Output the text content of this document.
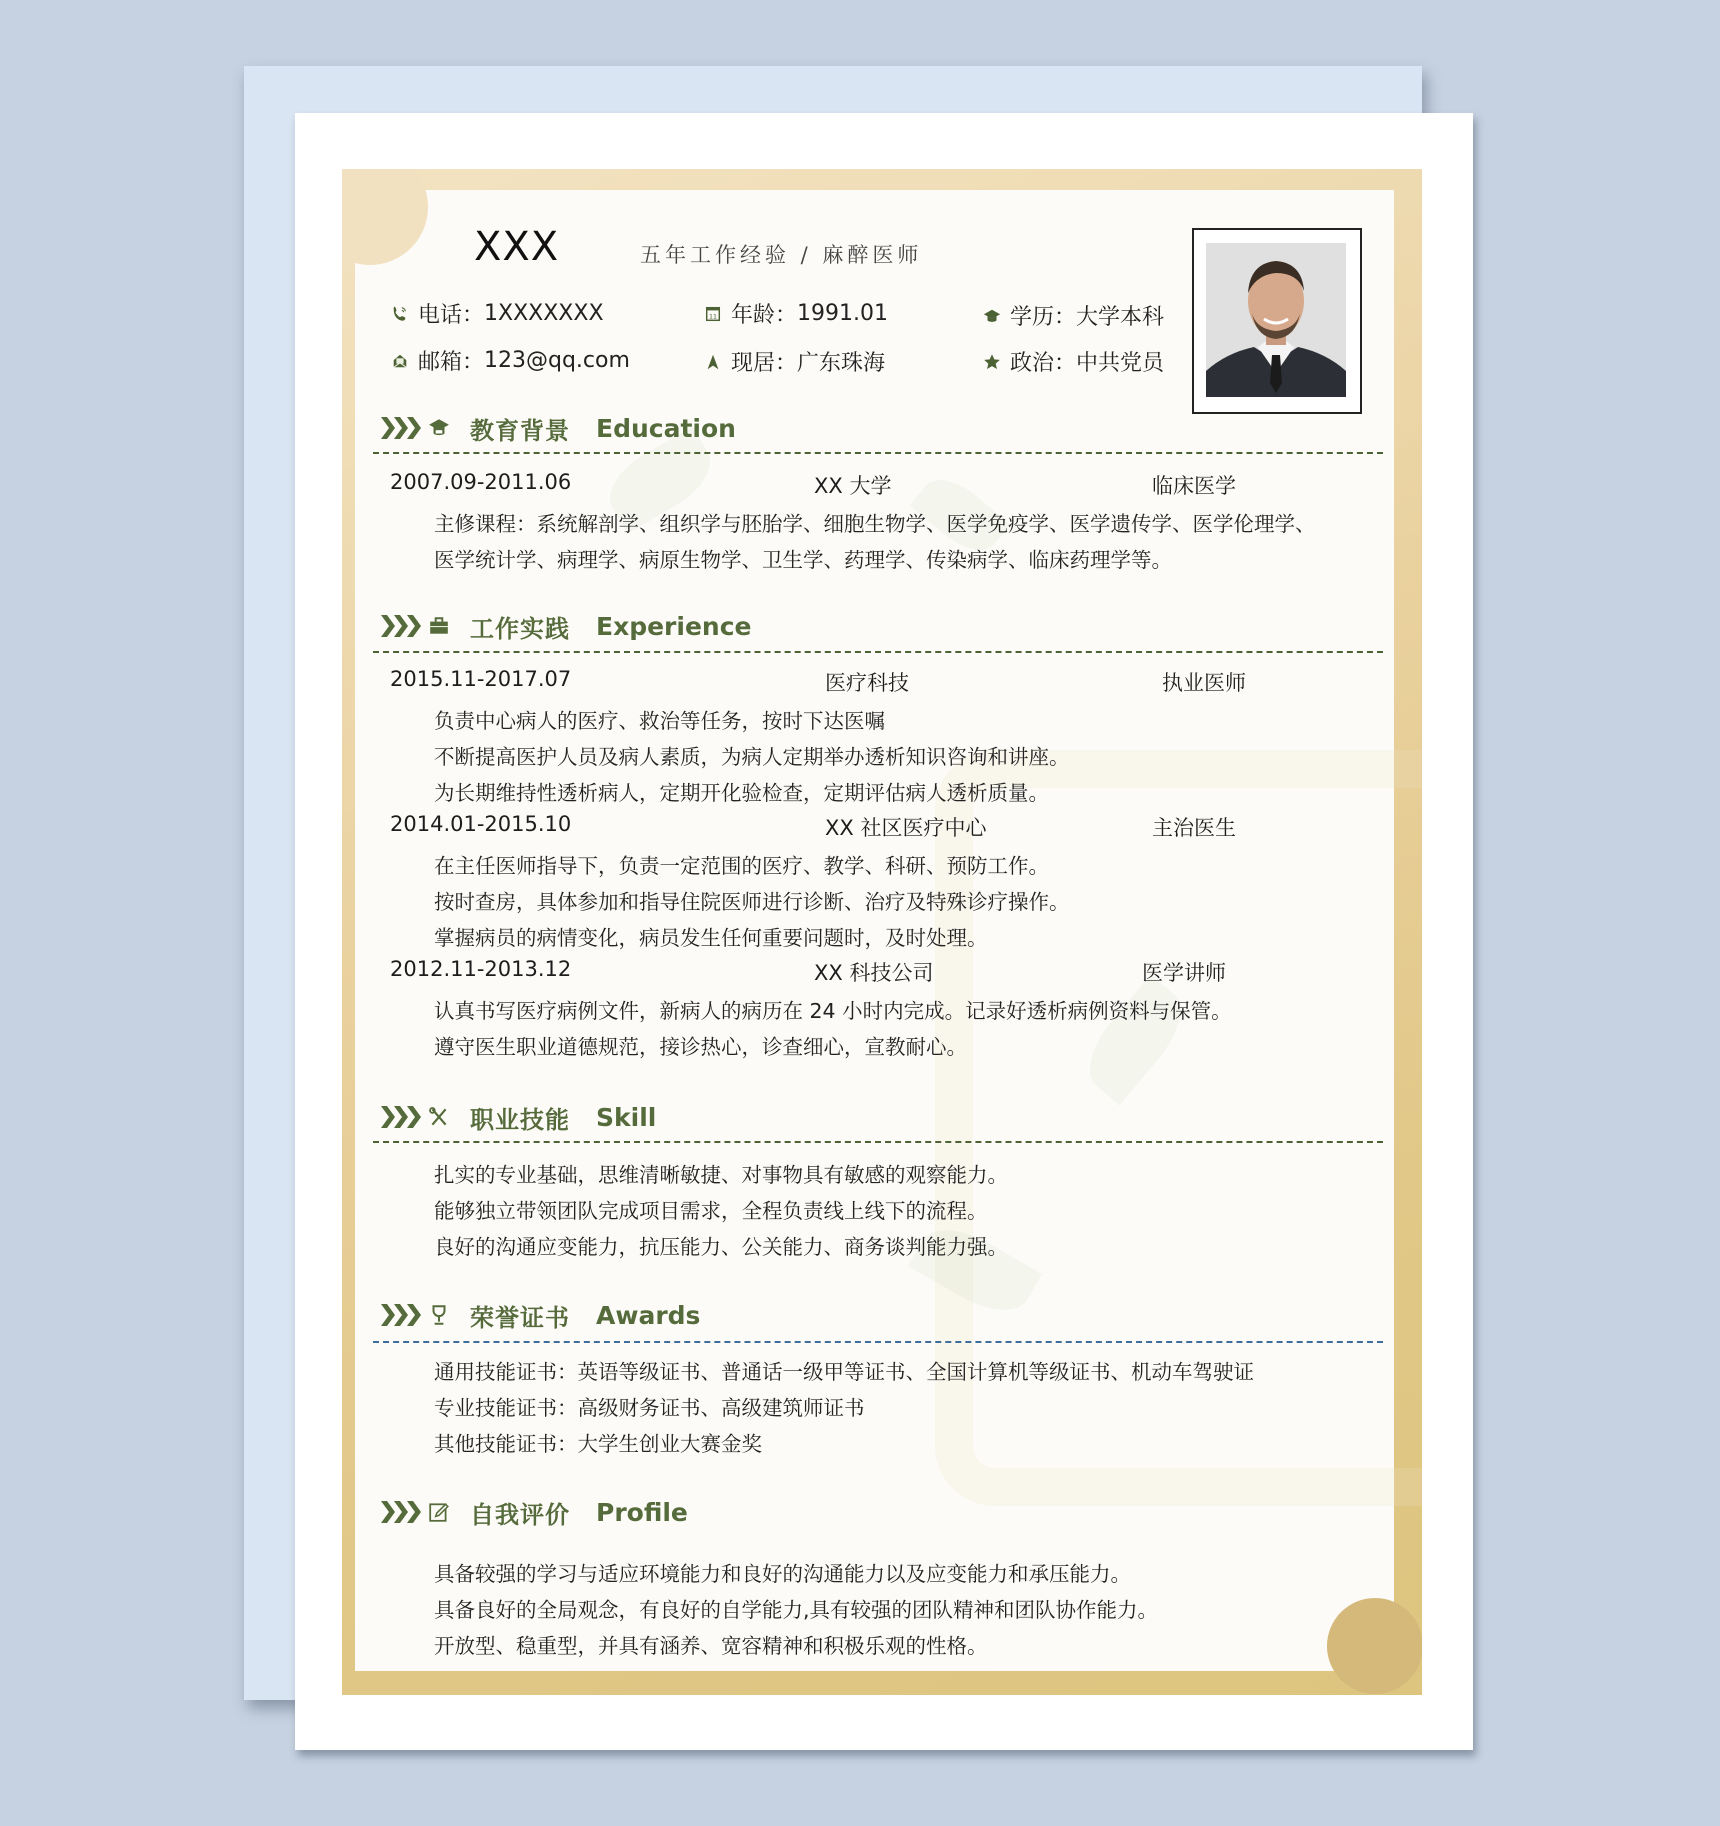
XXX	五年工作经验 / 麻醉医师
电话： 1XXXXXXX	11 年龄： 1991.01	学历： 大学本科
邮箱： 123@qq.com	现居： 广东珠海	政治： 中共党员
教育背景 Education
2007.09-2011.06	XX 大学	临床医学
主修课程：系统解剖学、组织学与胚胎学、细胞生物学、医学免疫学、医学遗传学、医学伦理学、
医学统计学、病理学、病原生物学、卫生学、药理学、传染病学、临床药理学等。
工作实践 Experience
2015.11-2017.07	医疗科技	执业医师
负责中心病人的医疗、救治等任务，按时下达医嘱
不断提高医护人员及病人素质，为病人定期举办透析知识咨询和讲座。
为长期维持性透析病人，定期开化验检查，定期评估病人透析质量。
2014.01-2015.10	XX 社区医疗中心	主治医生
在主任医师指导下，负责一定范围的医疗、教学、科研、预防工作。
按时查房，具体参加和指导住院医师进行诊断、治疗及特殊诊疗操作。
掌握病员的病情变化，病员发生任何重要问题时，及时处理。
2012.11-2013.12	XX 科技公司	医学讲师
认真书写医疗病例文件，新病人的病历在 24 小时内完成。记录好透析病例资料与保管。
遵守医生职业道德规范，接诊热心，诊查细心，宣教耐心。
职业技能 Skill
扎实的专业基础，思维清晰敏捷、对事物具有敏感的观察能力。
能够独立带领团队完成项目需求，全程负责线上线下的流程。
良好的沟通应变能力，抗压能力、公关能力、商务谈判能力强。
荣誉证书 Awards
通用技能证书：英语等级证书、普通话一级甲等证书、全国计算机等级证书、机动车驾驶证
专业技能证书：高级财务证书、高级建筑师证书
其他技能证书：大学生创业大赛金奖
自我评价 Profile
具备较强的学习与适应环境能力和良好的沟通能力以及应变能力和承压能力。
具备良好的全局观念，有良好的自学能力,具有较强的团队精神和团队协作能力。
开放型、稳重型，并具有涵养、宽容精神和积极乐观的性格。
